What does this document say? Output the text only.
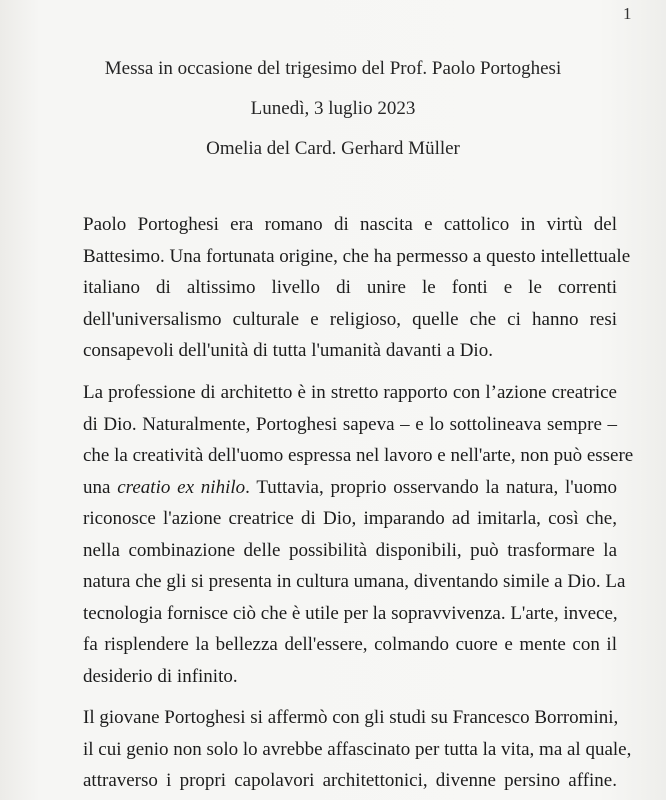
1
Messa in occasione del trigesimo del Prof. Paolo Portoghesi
Lunedì, 3 luglio 2023
Omelia del Card. Gerhard Müller
Paolo Portoghesi era romano di nascita e cattolico in virtù del
Battesimo. Una fortunata origine, che ha permesso a questo intellettuale
italiano di altissimo livello di unire le fonti e le correnti
dell'universalismo culturale e religioso, quelle che ci hanno resi
consapevoli dell'unità di tutta l'umanità davanti a Dio.
La professione di architetto è in stretto rapporto con l’azione creatrice
di Dio. Naturalmente, Portoghesi sapeva – e lo sottolineava sempre –
che la creatività dell'uomo espressa nel lavoro e nell'arte, non può essere
una creatio ex nihilo. Tuttavia, proprio osservando la natura, l'uomo
riconosce l'azione creatrice di Dio, imparando ad imitarla, così che,
nella combinazione delle possibilità disponibili, può trasformare la
natura che gli si presenta in cultura umana, diventando simile a Dio. La
tecnologia fornisce ciò che è utile per la sopravvivenza. L'arte, invece,
fa risplendere la bellezza dell'essere, colmando cuore e mente con il
desiderio di infinito.
Il giovane Portoghesi si affermò con gli studi su Francesco Borromini,
il cui genio non solo lo avrebbe affascinato per tutta la vita, ma al quale,
attraverso i propri capolavori architettonici, divenne persino affine.
